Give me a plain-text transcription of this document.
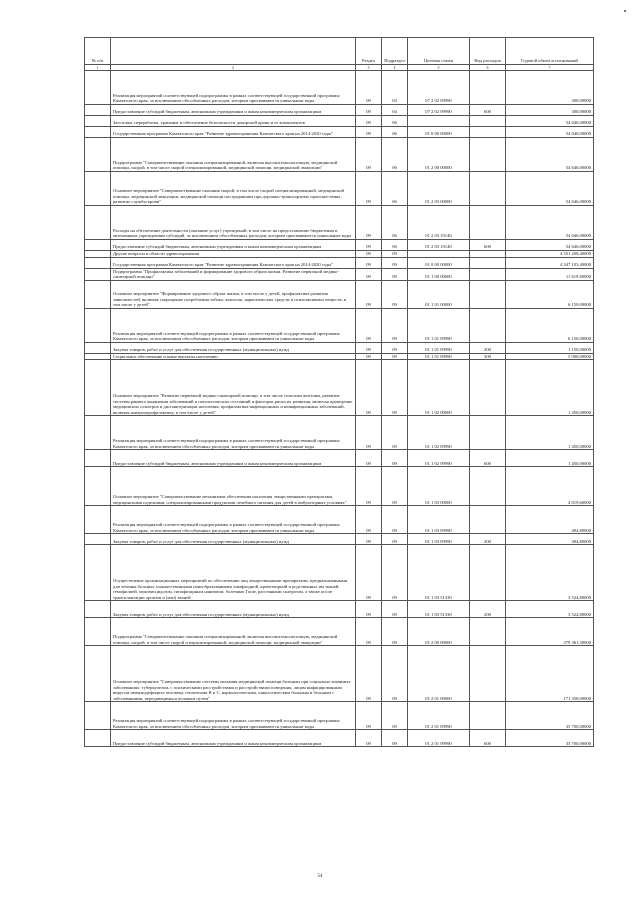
№ п/п		Раздел	Подраздел	Целевая статья	Вид расходов	Годовой объем ассигнований
1	2	3	4	5	6	7
	Реализация мероприятий соответствующей подпрограммы в рамках соответствующей государственной программы Камчатского края, за исключением обособленных расходов, которым присваиваются уникальные коды	09	04	07 2 02 09990		300,00000
	Предоставление субсидий бюджетным, автономным учреждениям и иным некоммерческим организациям	09	04	07 2 02 09990	600	300,00000
	Заготовка, переработка, хранение и обеспечение безопасности донорской крови и ее компонентов	09	06			54 646,00000
	Государственная программа Камчатского края "Развитие здравоохранения Камчатского края на 2014-2020 годы"	09	06	01 0 00 00000		54 646,00000
	Подпрограмма "Совершенствование оказания специализированной, включая высокотехнологичную, медицинской помощи, скорой, в том числе скорой специализированной, медицинской помощи, медицинской эвакуации"	09	06	01 2 00 00000		54 646,00000
	Основное мероприятие "Совершенствование оказания скорой, в том числе скорой специализированной, медицинской помощи, медицинской эвакуации, медицинской помощи пострадавшим при дорожно-транспортных происшествиях, развитие службы крови"	09	06	01 2 03 00000		54 646,00000
	Расходы на обеспечение деятельности (оказание услуг) учреждений, в том числе на предоставление бюджетным и автономным учреждениям субсидий, за исключением обособленных расходов, которым присваиваются уникальные коды	09	06	01 2 03 10140		54 646,00000
	Предоставление субсидий бюджетным, автономным учреждениям и иным некоммерческим организациям	09	06	01 2 03 10140	600	54 646,00000
	Другие вопросы в области здравоохранения	09	09			4 351 208,40000
	Государственная программа Камчатского края "Развитие здравоохранения Камчатского края на 2014-2020 годы"	09	09	01 0 00 00000		4 347 103,40000
	Подпрограмма "Профилактика заболеваний и формирование здорового образа жизни. Развитие первичной медико-санитарной помощи"	09	09	01 1 00 00000		11 619,60000
	Основное мероприятие "Формирование здорового образа жизни, в том числе у детей, профилактика развития зависимостей, включая сокращение потребления табака, алкоголя, наркотических средств и психоактивных веществ, в том числе у детей"	09	09	01 1 01 00000		6 150,00000
	Реализация мероприятий соответствующей подпрограммы в рамках соответствующей государственной программы Камчатского края, за исключением обособленных расходов, которым присваиваются уникальные коды	09	09	01 1 01 09990		6 150,00000
	Закупка товаров, работ и услуг для обеспечения государственных (муниципальных) нужд	09	09	01 1 01 09990	200	1 150,00000
	Социальное обеспечение и иные выплаты населению	09	09	01 1 01 09990	300	5 000,00000
	Основное мероприятие "Развитие первичной медико-санитарной помощи, в том числе сельским жителям, развитие системы раннего выявления заболеваний и патологических состояний и факторов риска их развития, включая проведение медицинских осмотров и диспансеризации населения, профилактика инфекционных и неинфекционных заболеваний, включая иммунопрофилактику, в том числе у детей"	09	09	01 1 02 00000		1 450,00000
	Реализация мероприятий соответствующей подпрограммы в рамках соответствующей государственной программы Камчатского края, за исключением обособленных расходов, которым присваиваются уникальные коды	09	09	01 1 02 09990		1 450,00000
	Предоставление субсидий бюджетным, автономным учреждениям и иным некоммерческим организациям	09	09	01 1 02 09990	600	1 450,00000
	Основное мероприятие "Совершенствование механизмов обеспечения населения лекарственными препаратами, медицинскими изделиями, специализированными продуктами лечебного питания для детей в амбулаторных условиях"	09	09	01 1 03 00000		4 019,60000
	Реализация мероприятий соответствующей подпрограммы в рамках соответствующей государственной программы Камчатского края, за исключением обособленных расходов, которым присваиваются уникальные коды	09	09	01 1 03 09990		494,80000
	Закупка товаров, работ и услуг для обеспечения государственных (муниципальных) нужд	09	09	01 1 03 09990	200	494,80000
	Осуществление организационных мероприятий по обеспечению лиц лекарственными препаратами, предназначенными для лечения больных злокачественными новообразованиями лимфоидной, кроветворной и родственных им тканей, гемофилией, муковисцидозом, гипофизарным нанизмом, болезнью Гоше, рассеянным склерозом, а также после трансплантации органов и (или) тканей	09	09	01 1 03 51330		3 524,80000
	Закупка товаров, работ и услуг для обеспечения государственных (муниципальных) нужд	09	09	01 1 03 51330	200	3 524,80000
	Подпрограмма "Совершенствование оказания специализированной, включая высокотехнологичную, медицинской помощи, скорой, в том числе скорой специализированной, медицинской помощи, медицинской эвакуации"	09	09	01 2 00 00000		379 361,30000
	Основное мероприятие "Совершенствование системы оказания медицинской помощи больным при социально-значимых заболеваниях: туберкулезом, с психическими расстройствами и расстройствами поведения, лицам инфицированным вирусом иммунодефицита человека, гепатитами В и С, наркологическим, онкологическим больным и больным с заболеваниями, передающимися половым путем"	09	09	01 2 01 00000		171 358,00000
	Реализация мероприятий соответствующей подпрограммы в рамках соответствующей государственной программы Камчатского края, за исключением обособленных расходов, которым присваиваются уникальные коды	09	09	01 2 01 09990		33 700,00000
	Предоставление субсидий бюджетным, автономным учреждениям и иным некоммерческим организациям	09	09	01 2 01 09990	600	33 700,00000
54
